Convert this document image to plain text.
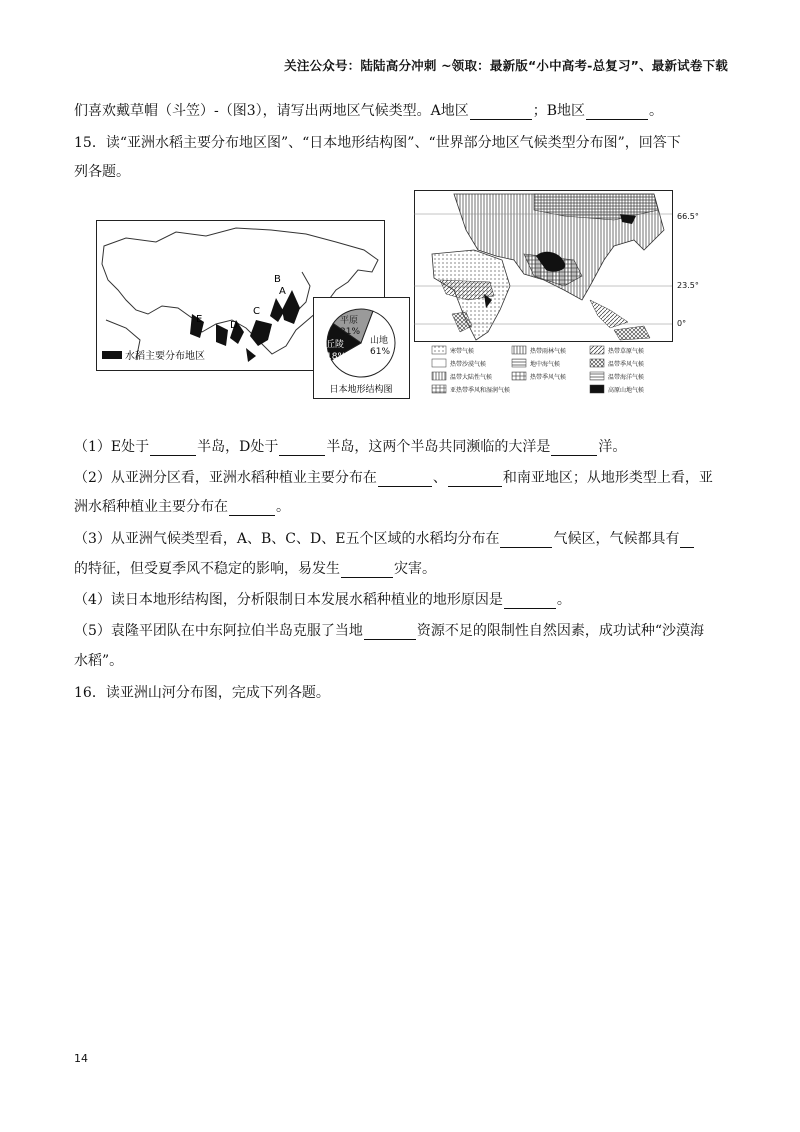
关注公众号：陆陆高分冲刺 ~领取：最新版“小中高考-总复习”、最新试卷下载
们喜欢戴草帽（斗笠）-（图3），请写出两地区气候类型。A地区	；B地区	。
15．读“亚洲水稻主要分布地区图”、“日本地形结构图”、“世界部分地区气候类型分布图”，回答下
列各题。
A
B
C
D
E
水稻主要分布地区
平原
21%
山地
61%
丘陵
18%
日本地形结构图
66.5°
23.5°
0°
寒带气候	热带雨林气候	热带草原气候
热带沙漠气候	地中海气候	温带季风气候
温带大陆性气候	热带季风气候	温带海洋气候
亚热带季风和湿润气候	高原山地气候
（1）E处于	半岛，D处于	半岛，这两个半岛共同濒临的大洋是	洋。
（2）从亚洲分区看，亚洲水稻种植业主要分布在	、	和南亚地区；从地形类型上看，亚
洲水稻种植业主要分布在	。
（3）从亚洲气候类型看，A、B、C、D、E五个区域的水稻均分布在	气候区，气候都具有
的特征，但受夏季风不稳定的影响，易发生	灾害。
（4）读日本地形结构图，分析限制日本发展水稻种植业的地形原因是	。
（5）袁隆平团队在中东阿拉伯半岛克服了当地	资源不足的限制性自然因素，成功试种“沙漠海
水稻”。
16．读亚洲山河分布图，完成下列各题。
14
